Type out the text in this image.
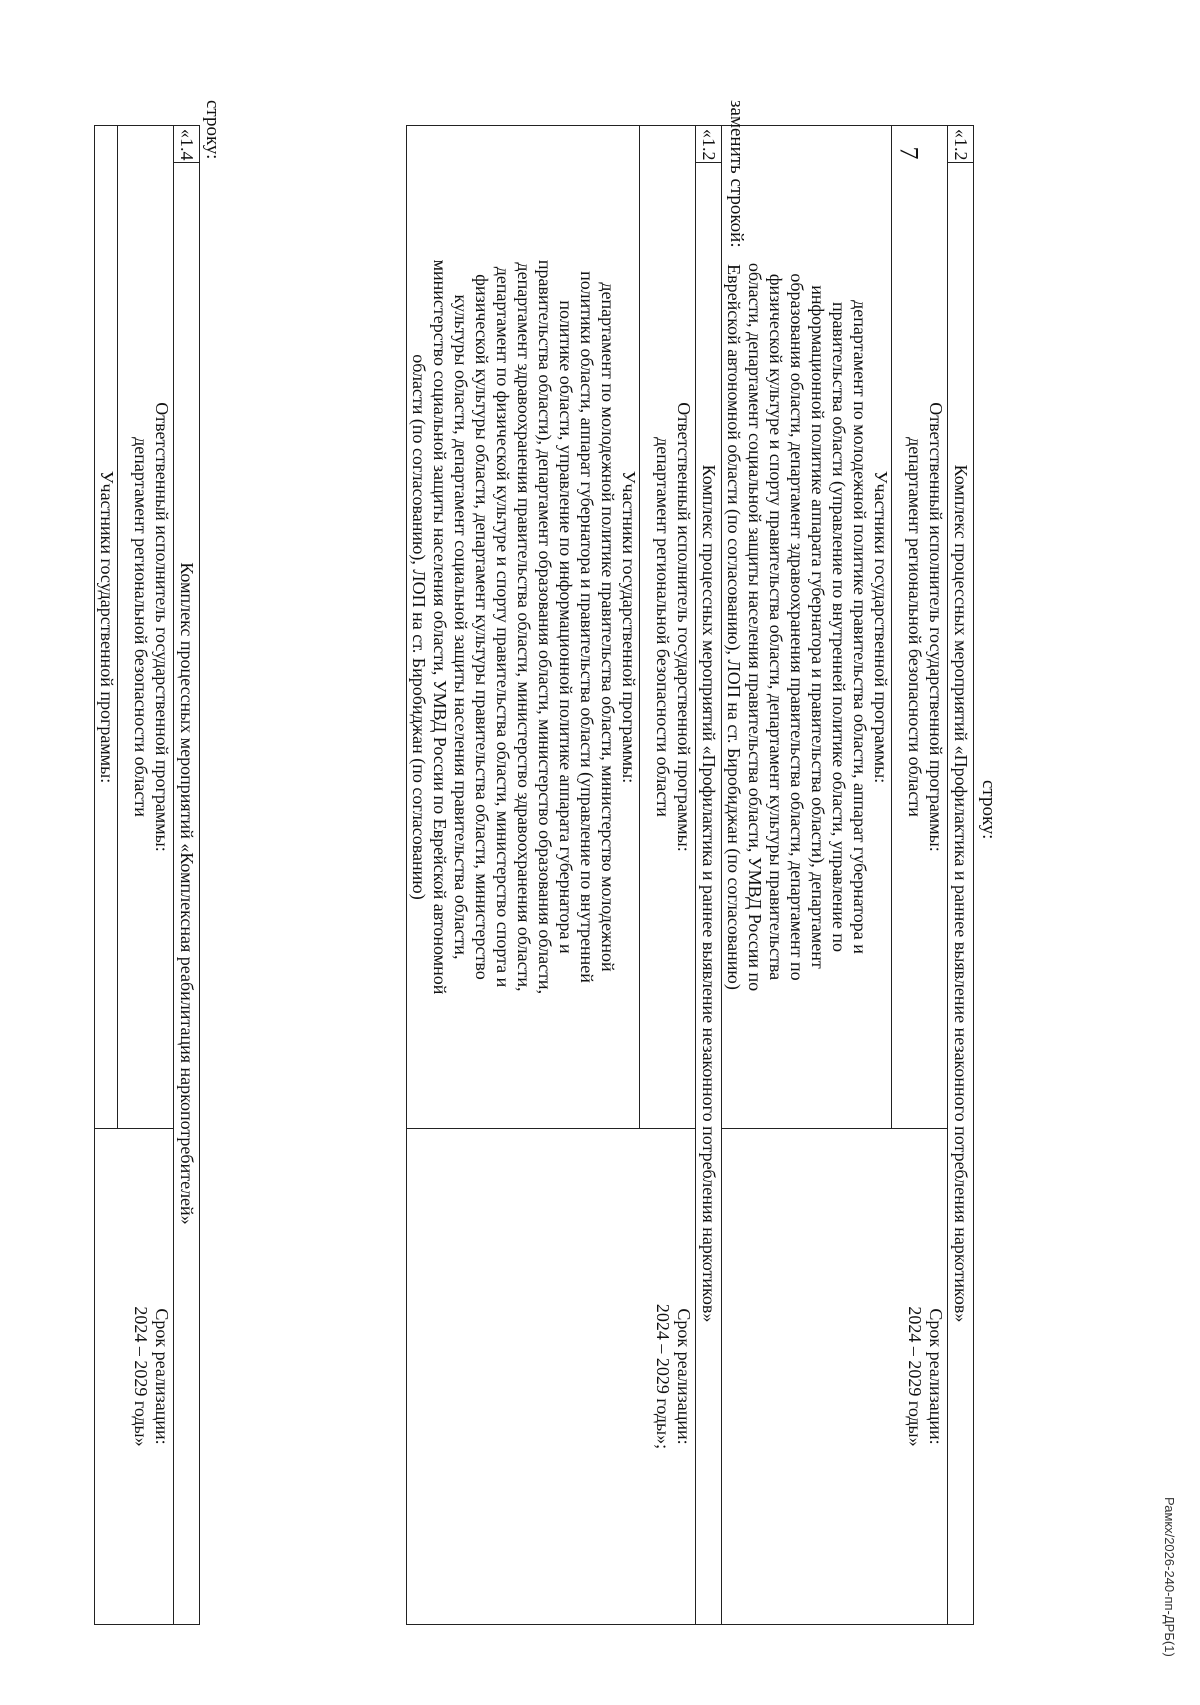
7
Рамкх/2026-240-пп-ДРБ(1)
строку:
«1.2
Комплекс процессных мероприятий «Профилактика и раннее выявление незаконного потребления наркотиков»
Ответственный исполнитель государственной программы:
департамент региональной безопасности области
Участники государственной программы:
департамент по молодежной политике правительства области, аппарат губернатора и
правительства области (управление по внутренней политике области, управление по
информационной политике аппарата губернатора и правительства области), департамент
образования области, департамент здравоохранения правительства области, департамент по
физической культуре и спорту правительства области, департамент культуры правительства
области, департамент социальной защиты населения правительства области, УМВД России по
Еврейской автономной области (по согласованию), ЛОП на ст. Биробиджан (по согласованию)
Срок реализации:
2024 – 2029 годы»
заменить строкой:
«1.2
Комплекс процессных мероприятий «Профилактика и раннее выявление незаконного потребления наркотиков»
Ответственный исполнитель государственной программы:
департамент региональной безопасности области
Участники государственной программы:
департамент по молодежной политике правительства области, министерство молодежной
политики области, аппарат губернатора и правительства области (управление по внутренней
политике области, управление по информационной политике аппарата губернатора и
правительства области), департамент образования области, министерство образования области,
департамент здравоохранения правительства области, министерство здравоохранения области,
департамент по физической культуре и спорту правительства области, министерство спорта и
физической культуры области, департамент культуры правительства области, министерство
культуры области, департамент социальной защиты населения правительства области,
министерство социальной защиты населения области, УМВД России по Еврейской автономной
области (по согласованию), ЛОП на ст. Биробиджан (по согласованию)
Срок реализации:
2024 – 2029 годы»;
строку:
«1.4
Комплекс процессных мероприятий «Комплексная реабилитация наркопотребителей»
Ответственный исполнитель государственной программы:
департамент региональной безопасности области
Участники государственной программы:
Срок реализации:
2024 – 2029 годы»
